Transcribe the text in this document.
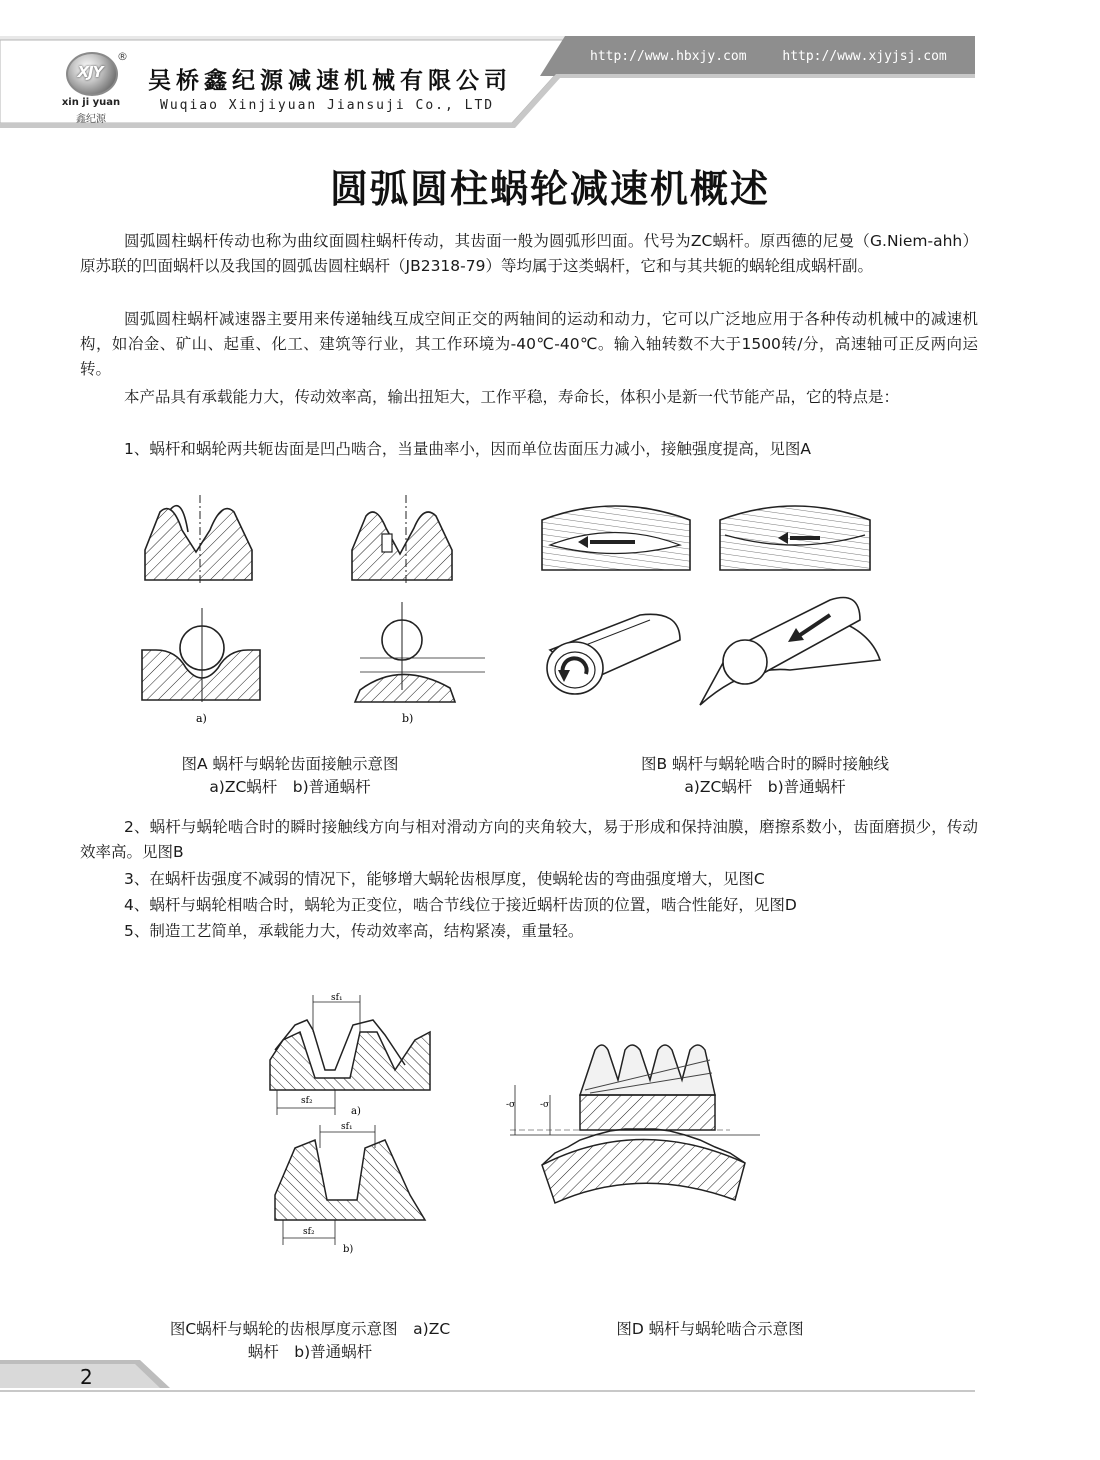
XJY
®
xin ji yuan
鑫纪源
吴桥鑫纪源减速机械有限公司
Wuqiao Xinjiyuan Jiansuji Co., LTD
http://www.hbxjy.com	http://www.xjyjsj.com
圆弧圆柱蜗轮减速机概述
圆弧圆柱蜗杆传动也称为曲纹面圆柱蜗杆传动，其齿面一般为圆弧形凹面。代号为ZC蜗杆。原西德的尼曼（G.Niem-ahh）原苏联的凹面蜗杆以及我国的圆弧齿圆柱蜗杆（JB2318-79）等均属于这类蜗杆，它和与其共轭的蜗轮组成蜗杆副。
圆弧圆柱蜗杆减速器主要用来传递轴线互成空间正交的两轴间的运动和动力，它可以广泛地应用于各种传动机械中的减速机构，如冶金、矿山、起重、化工、建筑等行业，其工作环境为-40℃-40℃。输入轴转数不大于1500转/分，高速轴可正反两向运转。
本产品具有承载能力大，传动效率高，输出扭矩大，工作平稳，寿命长，体积小是新一代节能产品，它的特点是：
1、蜗杆和蜗轮两共轭齿面是凹凸啮合，当量曲率小，因而单位齿面压力减小，接触强度提高，见图A
a)	b)
图A 蜗杆与蜗轮齿面接触示意图
a)ZC蜗杆　b)普通蜗杆
图B 蜗杆与蜗轮啮合时的瞬时接触线
a)ZC蜗杆　b)普通蜗杆
2、蜗杆与蜗轮啮合时的瞬时接触线方向与相对滑动方向的夹角较大，易于形成和保持油膜，磨擦系数小，齿面磨损少，传动效率高。见图B
3、在蜗杆齿强度不减弱的情况下，能够增大蜗轮齿根厚度，使蜗轮齿的弯曲强度增大，见图C
4、蜗杆与蜗轮相啮合时，蜗轮为正变位，啮合节线位于接近蜗杆齿顶的位置，啮合性能好，见图D
5、制造工艺简单，承载能力大，传动效率高，结构紧凑，重量轻。
sf₁
sf₂
a)
sf₁
sf₂
b)
-σ	-σ
图C蜗杆与蜗轮的齿根厚度示意图　a)ZC
蜗杆　b)普通蜗杆
图D 蜗杆与蜗轮啮合示意图
2
